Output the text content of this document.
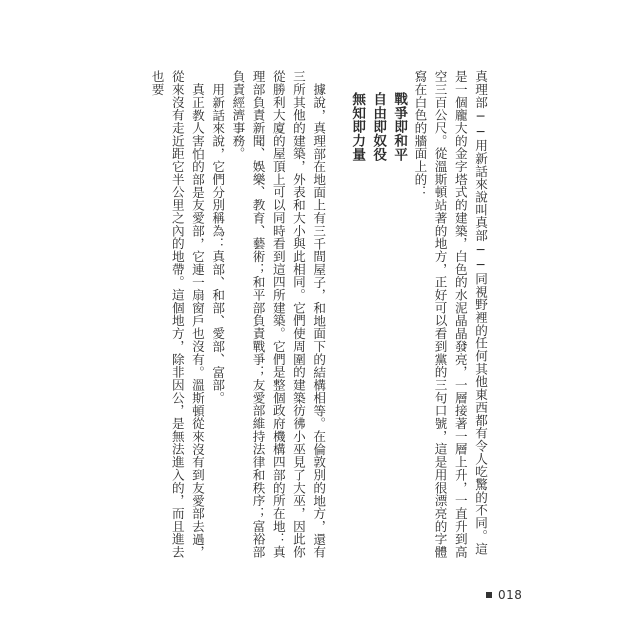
真理部──用新話來說叫真部──同視野裡的任何其他東西都有令人吃驚的不同。這是一個龐大的金字塔式的建築，白色的水泥晶晶發亮，一層接著一層上升，一直升到高空三百公尺。從溫斯頓站著的地方，正好可以看到黨的三句口號，這是用很漂亮的字體寫在白色的牆面上的：

戰爭即和平
自由即奴役
無知即力量

據說，真理部在地面上有三千間屋子，和地面下的結構相等。在倫敦別的地方，還有三所其他的建築，外表和大小與此相同。它們使周圍的建築彷彿小巫見了大巫，因此你從勝利大廈的屋頂上可以同時看到這四所建築。它們是整個政府機構四部的所在地：真理部負責新聞、娛樂、教育、藝術；和平部負責戰爭；友愛部維持法律和秩序；富裕部負責經濟事務。

用新話來說，它們分別稱為：真部、和部、愛部、富部。

真正教人害怕的部是友愛部，它連一扇窗戶也沒有。溫斯頓從來沒有到友愛部去過，從來沒有走近距它半公里之內的地帶。這個地方，除非因公，是無法進入的，而且進去也要

018
